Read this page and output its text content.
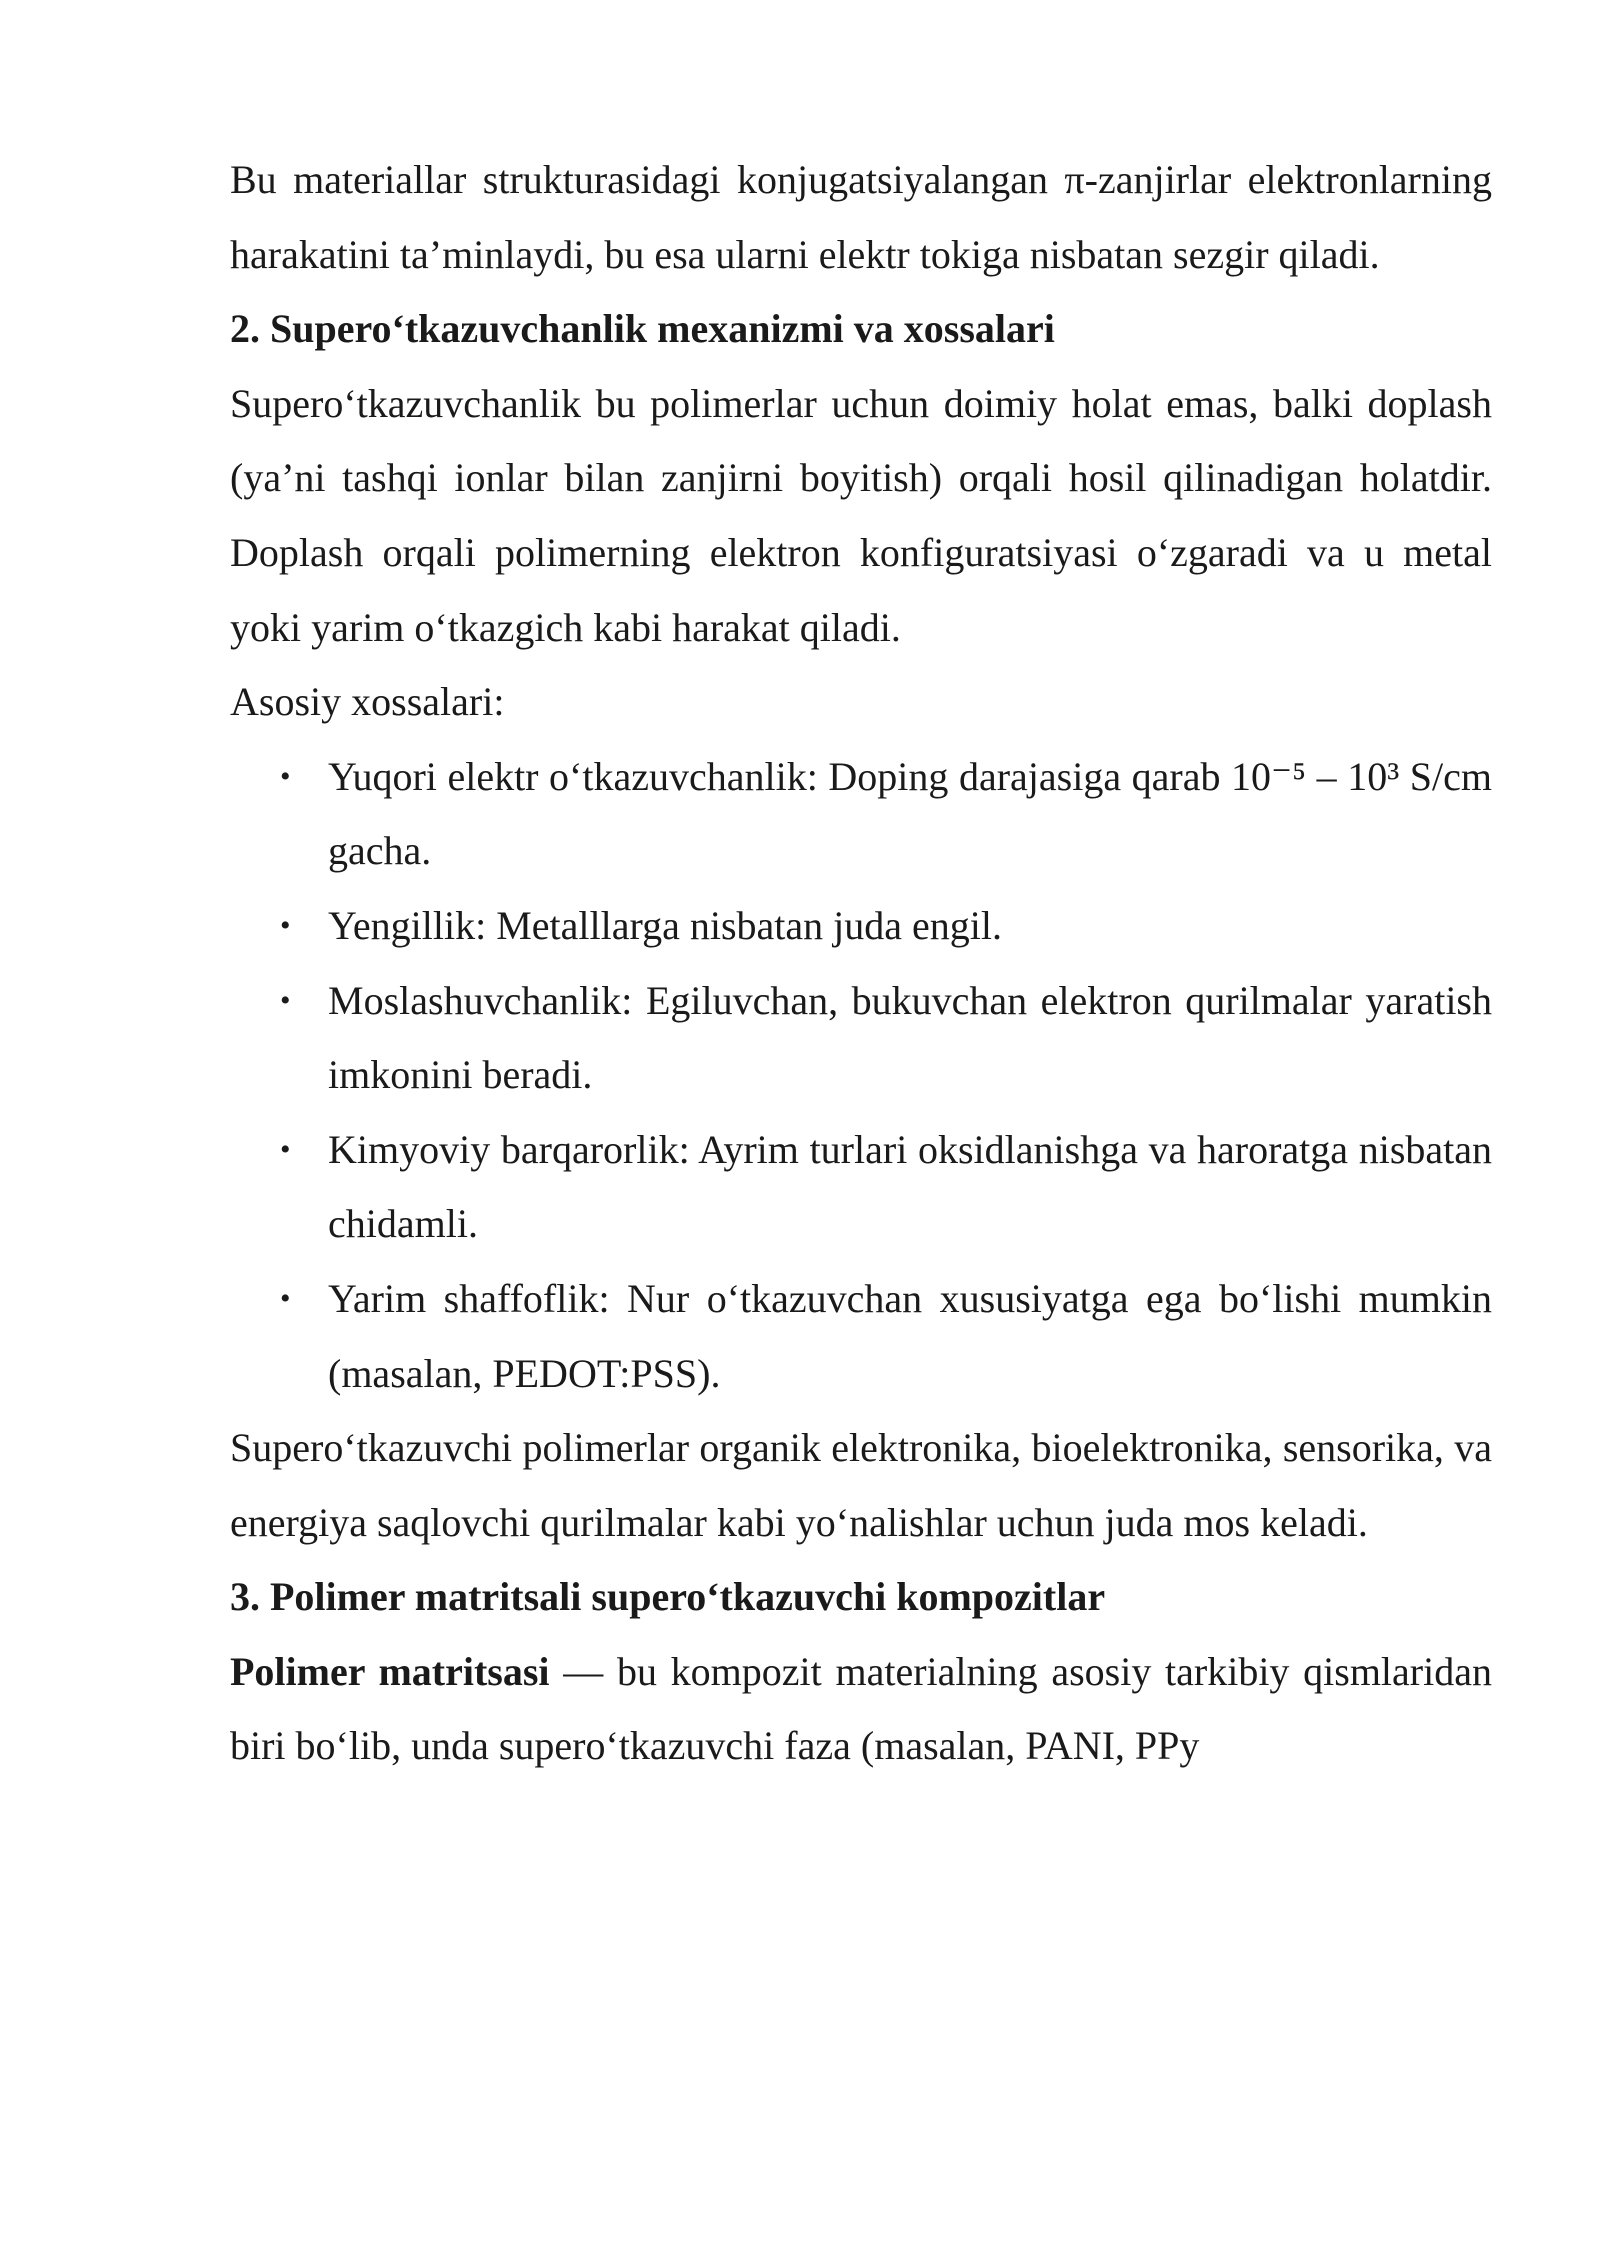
Bu materiallar strukturasidagi konjugatsiyalangan π-zanjirlar elektronlarning harakatini ta’minlaydi, bu esa ularni elektr tokiga nisbatan sezgir qiladi.

2. Supero‘tkazuvchanlik mexanizmi va xossalari

Supero‘tkazuvchanlik bu polimerlar uchun doimiy holat emas, balki doplash (ya’ni tashqi ionlar bilan zanjirni boyitish) orqali hosil qilinadigan holatdir. Doplash orqali polimerning elektron konfiguratsiyasi o‘zgaradi va u metal yoki yarim o‘tkazgich kabi harakat qiladi.

Asosiy xossalari:

• Yuqori elektr o‘tkazuvchanlik: Doping darajasiga qarab 10⁻⁵ – 10³ S/cm gacha.
• Yengillik: Metalllarga nisbatan juda engil.
• Moslashuvchanlik: Egiluvchan, bukuvchan elektron qurilmalar yaratish imkonini beradi.
• Kimyoviy barqarorlik: Ayrim turlari oksidlanishga va haroratga nisbatan chidamli.
• Yarim shaffoflik: Nur o‘tkazuvchan xususiyatga ega bo‘lishi mumkin (masalan, PEDOT:PSS).

Supero‘tkazuvchi polimerlar organik elektronika, bioelektronika, sensorika, va energiya saqlovchi qurilmalar kabi yo‘nalishlar uchun juda mos keladi.

3. Polimer matritsali supero‘tkazuvchi kompozitlar

Polimer matritsasi — bu kompozit materialning asosiy tarkibiy qismlaridan biri bo‘lib, unda supero‘tkazuvchi faza (masalan, PANI, PPy
